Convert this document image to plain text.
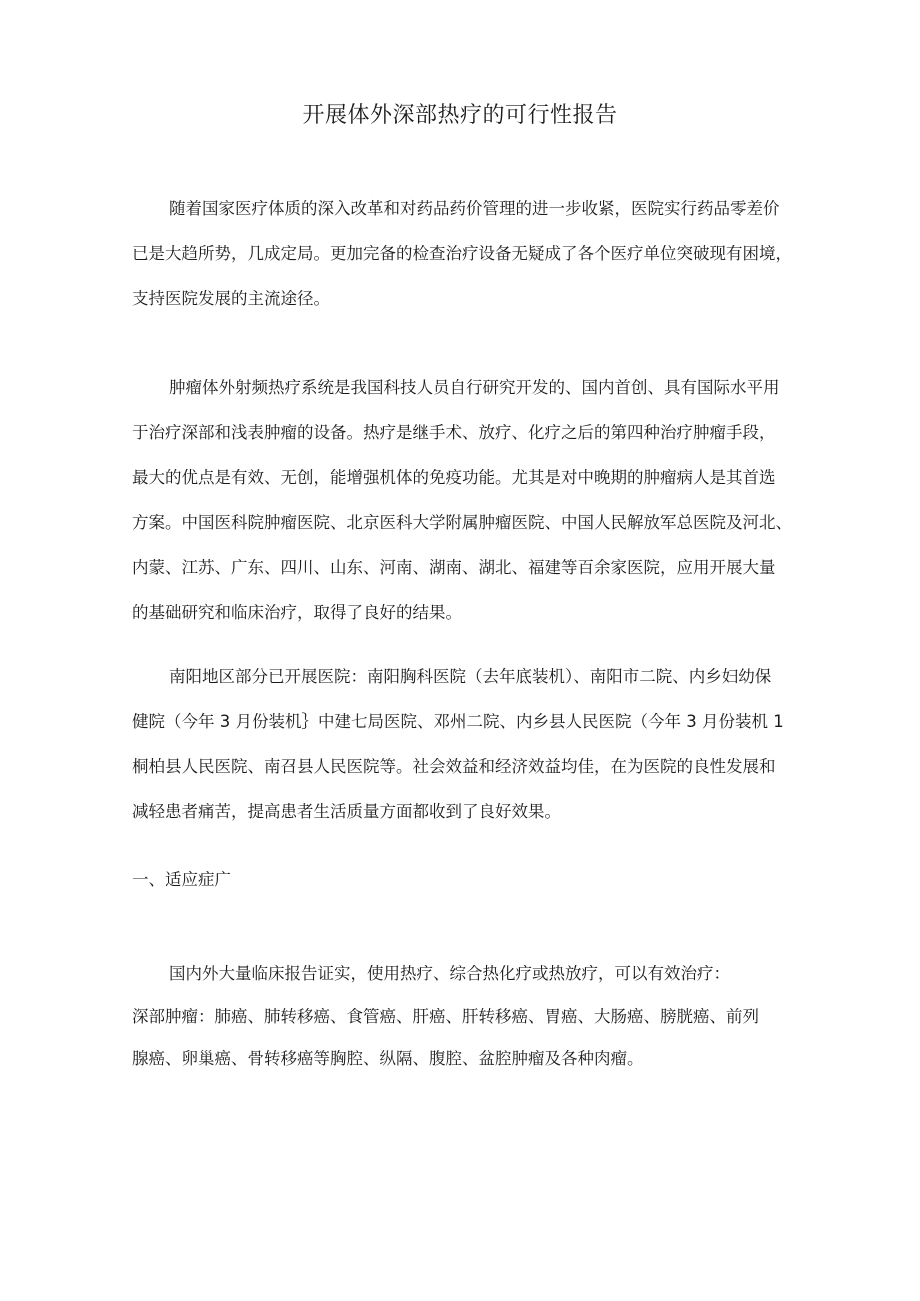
开展体外深部热疗的可行性报告
随着国家医疗体质的深入改革和对药品药价管理的进一步收紧，医院实行药品零差价
已是大趋所势，几成定局。更加完备的检查治疗设备无疑成了各个医疗单位突破现有困境，
支持医院发展的主流途径。
肿瘤体外射频热疗系统是我国科技人员自行研究开发的、国内首创、具有国际水平用
于治疗深部和浅表肿瘤的设备。热疗是继手术、放疗、化疗之后的第四种治疗肿瘤手段，
最大的优点是有效、无创，能增强机体的免疫功能。尤其是对中晚期的肿瘤病人是其首选
方案。中国医科院肿瘤医院、北京医科大学附属肿瘤医院、中国人民解放军总医院及河北、
内蒙、江苏、广东、四川、山东、河南、湖南、湖北、福建等百余家医院，应用开展大量
的基础研究和临床治疗，取得了良好的结果。
南阳地区部分已开展医院：南阳胸科医院（去年底装机）、南阳市二院、内乡妇幼保
健院（今年 3 月份装机｝中建七局医院、邓州二院、内乡县人民医院（今年 3 月份装机 1
桐柏县人民医院、南召县人民医院等。社会效益和经济效益均佳，在为医院的良性发展和
减轻患者痛苦，提高患者生活质量方面都收到了良好效果。
一、适应症广
国内外大量临床报告证实，使用热疗、综合热化疗或热放疗，可以有效治疗：
深部肿瘤：肺癌、肺转移癌、食管癌、肝癌、肝转移癌、胃癌、大肠癌、膀胱癌、前列
腺癌、卵巢癌、骨转移癌等胸腔、纵隔、腹腔、盆腔肿瘤及各种肉瘤。
